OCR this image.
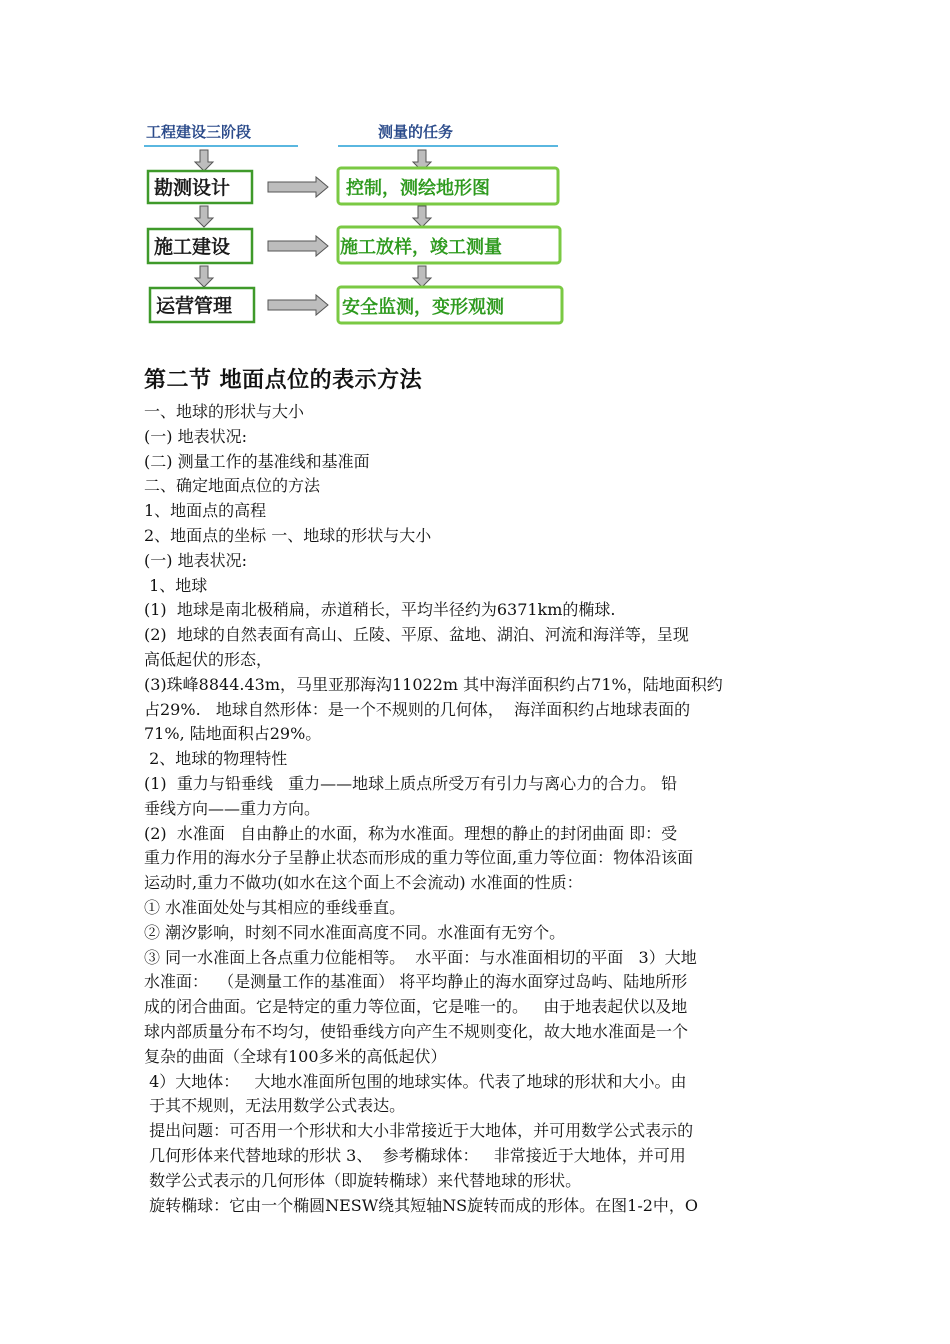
工程建设三阶段	测量的任务
勘测设计	控制，测绘地形图
施工建设	施工放样，竣工测量
运营管理	安全监测，变形观测
第二节 地面点位的表示方法

一、地球的形状与大小

(一) 地表状况:

(二) 测量工作的基准线和基准面

二、确定地面点位的方法

1、地面点的高程

2、地面点的坐标 一、地球的形状与大小

(一) 地表状况:

1、地球

(1)  地球是南北极稍扁，赤道稍长，平均半径约为6371km的椭球.

(2)  地球的自然表面有高山、丘陵、平原、盆地、湖泊、河流和海洋等，呈现

高低起伏的形态，

(3)珠峰8844.43m，马里亚那海沟11022m 其中海洋面积约占71%，陆地面积约

占29%.   地球自然形体：是一个不规则的几何体，  海洋面积约占地球表面的

71%, 陆地面积占29%。

2、地球的物理特性

(1)  重力与铅垂线   重力——地球上质点所受万有引力与离心力的合力。 铅

垂线方向——重力方向。

(2)  水准面   自由静止的水面，称为水准面。理想的静止的封闭曲面 即：受

重力作用的海水分子呈静止状态而形成的重力等位面,重力等位面：物体沿该面

运动时,重力不做功(如水在这个面上不会流动) 水准面的性质：

① 水准面处处与其相应的垂线垂直。

② 潮汐影响，时刻不同水准面高度不同。水准面有无穷个。

③ 同一水准面上各点重力位能相等。  水平面：与水准面相切的平面   3）大地

水准面：  （是测量工作的基准面） 将平均静止的海水面穿过岛屿、陆地所形

成的闭合曲面。它是特定的重力等位面，它是唯一的。   由于地表起伏以及地

球内部质量分布不均匀，使铅垂线方向产生不规则变化，故大地水准面是一个

复杂的曲面（全球有100多米的高低起伏）

4）大地体：   大地水准面所包围的地球实体。代表了地球的形状和大小。由

于其不规则，无法用数学公式表达。

提出问题：可否用一个形状和大小非常接近于大地体，并可用数学公式表示的

几何形体来代替地球的形状 3、  参考椭球体：   非常接近于大地体，并可用

数学公式表示的几何形体（即旋转椭球）来代替地球的形状。

旋转椭球：它由一个椭圆NESW绕其短轴NS旋转而成的形体。在图1-2中，O
